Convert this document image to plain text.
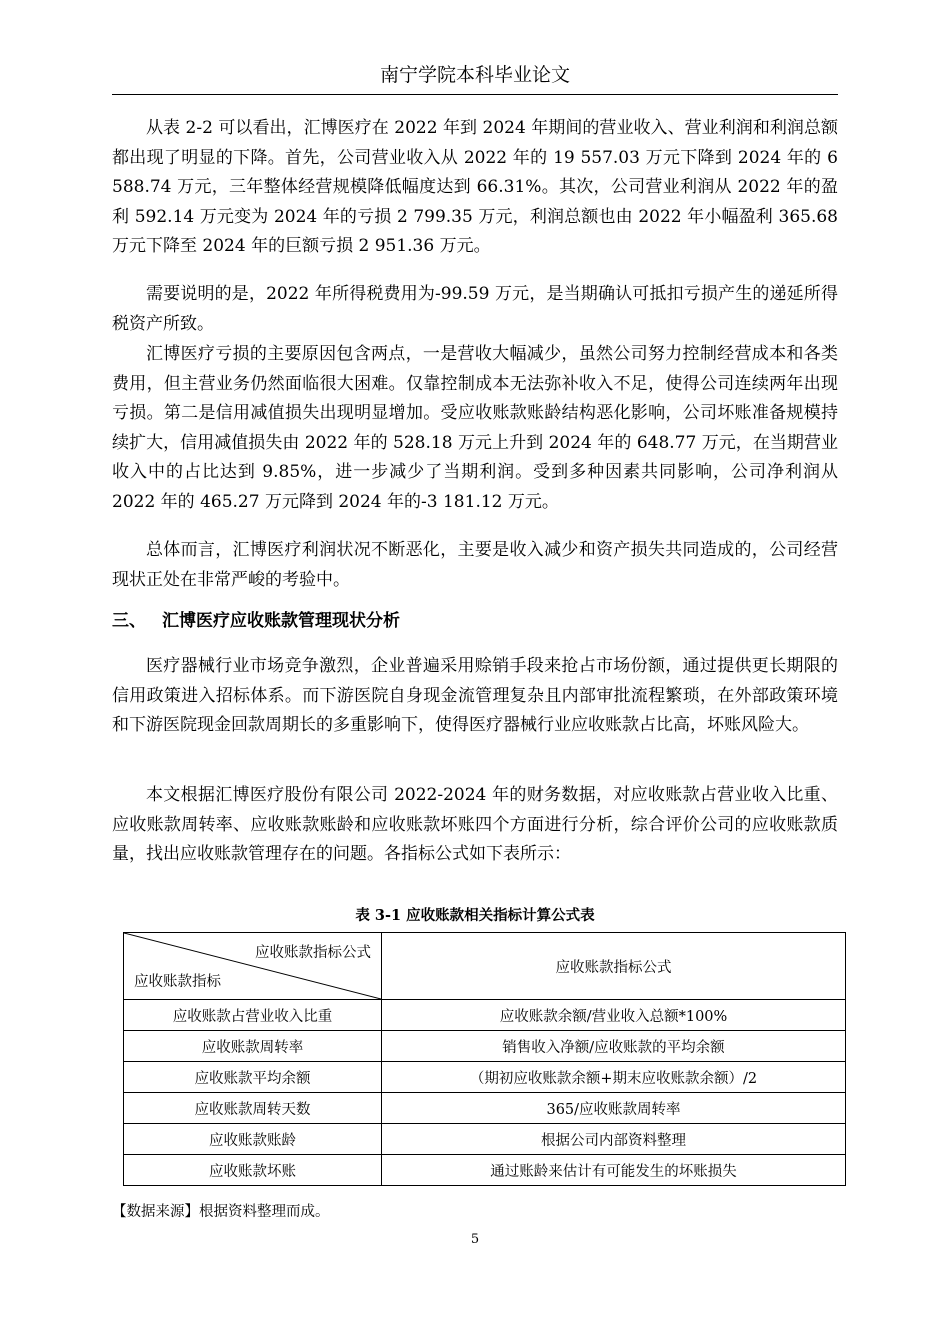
南宁学院本科毕业论文

从表 2-2 可以看出，汇博医疗在 2022 年到 2024 年期间的营业收入、营业利润和利润总额都出现了明显的下降。首先，公司营业收入从 2022 年的 19 557.03 万元下降到 2024 年的 6 588.74 万元，三年整体经营规模降低幅度达到 66.31%。其次，公司营业利润从 2022 年的盈利 592.14 万元变为 2024 年的亏损 2 799.35 万元，利润总额也由 2022 年小幅盈利 365.68 万元下降至 2024 年的巨额亏损 2 951.36 万元。

需要说明的是，2022 年所得税费用为-99.59 万元，是当期确认可抵扣亏损产生的递延所得税资产所致。

汇博医疗亏损的主要原因包含两点，一是营收大幅减少，虽然公司努力控制经营成本和各类费用，但主营业务仍然面临很大困难。仅靠控制成本无法弥补收入不足，使得公司连续两年出现亏损。第二是信用减值损失出现明显增加。受应收账款账龄结构恶化影响，公司坏账准备规模持续扩大，信用减值损失由 2022 年的 528.18 万元上升到 2024 年的 648.77 万元，在当期营业收入中的占比达到 9.85%，进一步减少了当期利润。受到多种因素共同影响，公司净利润从 2022 年的 465.27 万元降到 2024 年的-3 181.12 万元。

总体而言，汇博医疗利润状况不断恶化，主要是收入减少和资产损失共同造成的，公司经营现状正处在非常严峻的考验中。

三、 汇博医疗应收账款管理现状分析

医疗器械行业市场竞争激烈，企业普遍采用赊销手段来抢占市场份额，通过提供更长期限的信用政策进入招标体系。而下游医院自身现金流管理复杂且内部审批流程繁琐，在外部政策环境和下游医院现金回款周期长的多重影响下，使得医疗器械行业应收账款占比高，坏账风险大。

本文根据汇博医疗股份有限公司 2022-2024 年的财务数据，对应收账款占营业收入比重、应收账款周转率、应收账款账龄和应收账款坏账四个方面进行分析，综合评价公司的应收账款质量，找出应收账款管理存在的问题。各指标公式如下表所示：

表 3-1 应收账款相关指标计算公式表
应收账款指标公式
应收账款指标	应收账款指标公式
应收账款占营业收入比重	应收账款余额/营业收入总额*100%
应收账款周转率	销售收入净额/应收账款的平均余额
应收账款平均余额	（期初应收账款余额+期末应收账款余额）/2
应收账款周转天数	365/应收账款周转率
应收账款账龄	根据公司内部资料整理
应收账款坏账	通过账龄来估计有可能发生的坏账损失
【数据来源】根据资料整理而成。
5
